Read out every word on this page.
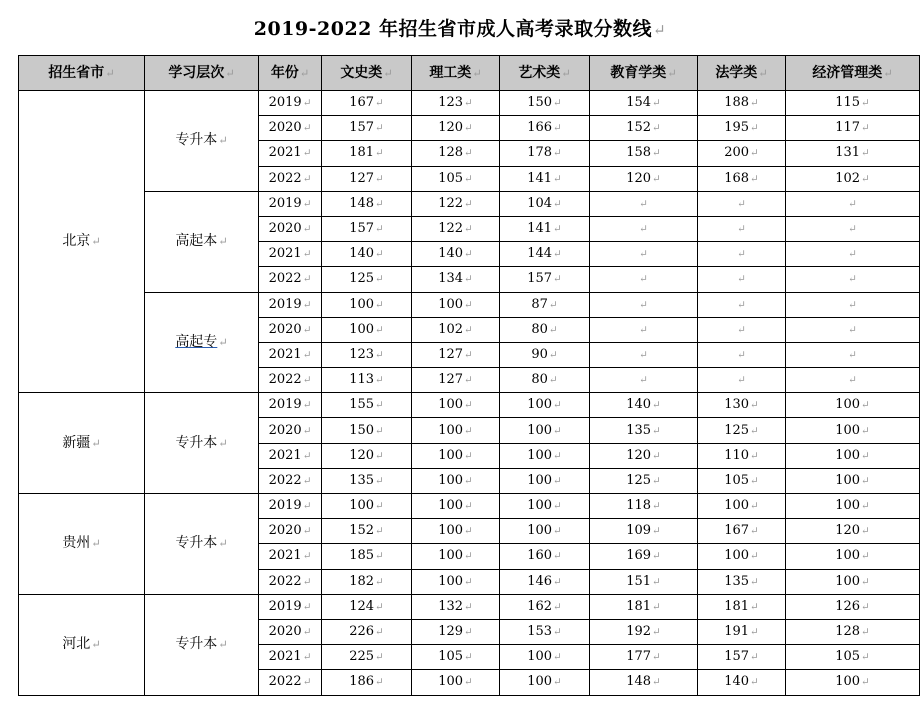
2019-2022 年招生省市成人高考录取分数线↵
招生省市↵	学习层次↵	年份↵	文史类↵	理工类↵	艺术类↵	教育学类↵	法学类↵	经济管理类↵
北京↵	专升本↵	2019↵	167↵	123↵	150↵	154↵	188↵	115↵
		2020↵	157↵	120↵	166↵	152↵	195↵	117↵
		2021↵	181↵	128↵	178↵	158↵	200↵	131↵
		2022↵	127↵	105↵	141↵	120↵	168↵	102↵
	高起本↵	2019↵	148↵	122↵	104↵	↵	↵	↵
		2020↵	157↵	122↵	141↵	↵	↵	↵
		2021↵	140↵	140↵	144↵	↵	↵	↵
		2022↵	125↵	134↵	157↵	↵	↵	↵
	高起专↵	2019↵	100↵	100↵	87↵	↵	↵	↵
		2020↵	100↵	102↵	80↵	↵	↵	↵
		2021↵	123↵	127↵	90↵	↵	↵	↵
		2022↵	113↵	127↵	80↵	↵	↵	↵
新疆↵	专升本↵	2019↵	155↵	100↵	100↵	140↵	130↵	100↵
		2020↵	150↵	100↵	100↵	135↵	125↵	100↵
		2021↵	120↵	100↵	100↵	120↵	110↵	100↵
		2022↵	135↵	100↵	100↵	125↵	105↵	100↵
贵州↵	专升本↵	2019↵	100↵	100↵	100↵	118↵	100↵	100↵
		2020↵	152↵	100↵	100↵	109↵	167↵	120↵
		2021↵	185↵	100↵	160↵	169↵	100↵	100↵
		2022↵	182↵	100↵	146↵	151↵	135↵	100↵
河北↵	专升本↵	2019↵	124↵	132↵	162↵	181↵	181↵	126↵
		2020↵	226↵	129↵	153↵	192↵	191↵	128↵
		2021↵	225↵	105↵	100↵	177↵	157↵	105↵
		2022↵	186↵	100↵	100↵	148↵	140↵	100↵
